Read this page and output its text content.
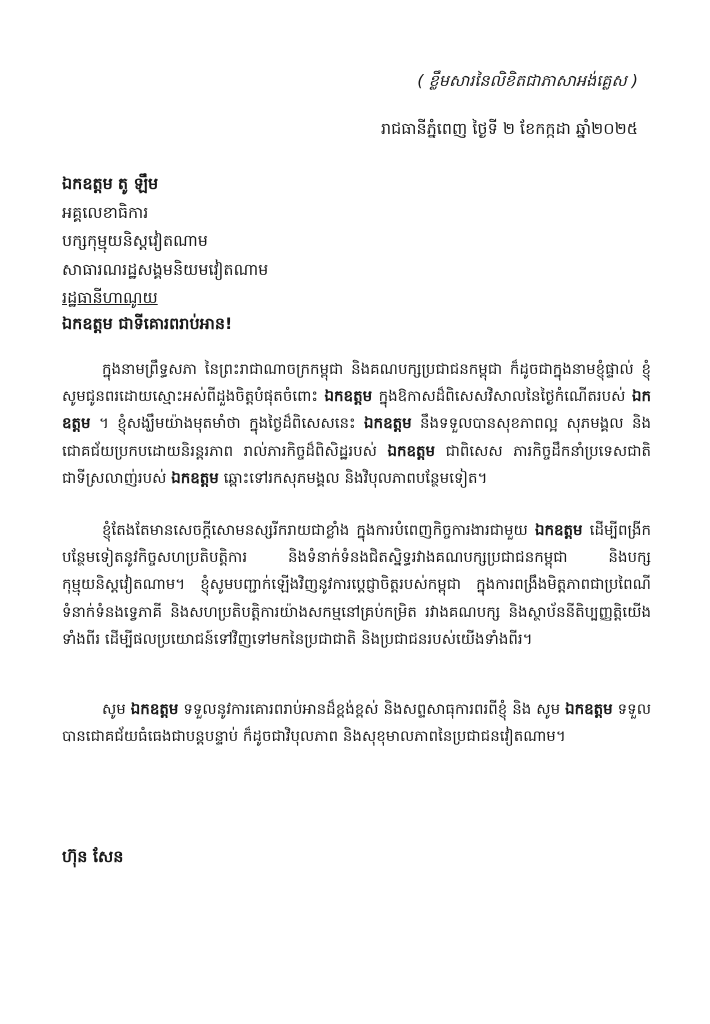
( ខ្លឹមសារនៃលិខិតជាភាសាអង់គ្លេស )
រាជធានីភ្នំពេញ ថ្ងៃទី ២ ខែកក្កដា ឆ្នាំ២០២៥
ឯកឧត្តម តូ ឡឹម
អគ្គលេខាធិការ
បក្សកុម្មុយនិស្តវៀតណាម
សាធារណរដ្ឋសង្គមនិយមវៀតណាម
រដ្ឋធានីហាណូយ
ឯកឧត្តម ជាទីគោរពរាប់អាន!

ក្នុងនាមព្រឹទ្ធសភា នៃព្រះរាជាណាចក្រកម្ពុជា និងគណបក្សប្រជាជនកម្ពុជា ក៏ដូចជាក្នុងនាមខ្ញុំផ្ទាល់ ខ្ញុំសូមជូនពរដោយស្មោះអស់ពីដួងចិត្តបំផុតចំពោះ ឯកឧត្តម ក្នុងឱកាសដ៏ពិសេសវិសាលនៃថ្ងៃកំណើតរបស់ ឯកឧត្តម ។ ខ្ញុំសង្ឃឹមយ៉ាងមុតមាំថា ក្នុងថ្ងៃដ៏ពិសេសនេះ ឯកឧត្តម នឹងទទួលបានសុខភាពល្អ សុភមង្គល និងជោគជ័យប្រកបដោយនិរន្តរភាព រាល់ភារកិច្ចដ៏ពិសិដ្ឋរបស់ ឯកឧត្តម ជាពិសេស ភារកិច្ចដឹកនាំប្រទេសជាតិជាទីស្រលាញ់របស់ ឯកឧត្តម ឆ្ពោះទៅរកសុភមង្គល និងវិបុលភាពបន្ថែមទៀត។

ខ្ញុំតែងតែមានសេចក្តីសោមនស្សរីករាយជាខ្លាំង ក្នុងការបំពេញកិច្ចការងារជាមួយ ឯកឧត្តម ដើម្បីពង្រីកបន្ថែមទៀតនូវកិច្ចសហប្រតិបត្តិការ និងទំនាក់ទំនងជិតស្និទ្ធរវាងគណបក្សប្រជាជនកម្ពុជា និងបក្សកុម្មុយនិស្តវៀតណាម។ ខ្ញុំសូមបញ្ជាក់ឡើងវិញនូវការប្តេជ្ញាចិត្តរបស់កម្ពុជា ក្នុងការពង្រឹងមិត្តភាពជាប្រពៃណី ទំនាក់ទំនងទ្វេភាគី និងសហប្រតិបត្តិការយ៉ាងសកម្មនៅគ្រប់កម្រិត រវាងគណបក្ស និងស្ថាប័ននីតិប្បញ្ញត្តិយើងទាំងពីរ ដើម្បីផលប្រយោជន៍ទៅវិញទៅមកនៃប្រជាជាតិ និងប្រជាជនរបស់យើងទាំងពីរ។

សូម ឯកឧត្តម ទទួលនូវការគោរពរាប់អានដ៏ខ្ពង់ខ្ពស់ និងសព្ទសាធុការពរពីខ្ញុំ និង សូម ឯកឧត្តម ទទួលបានជោគជ័យធំធេងជាបន្តបន្ទាប់ ក៏ដូចជាវិបុលភាព និងសុខុមាលភាពនៃប្រជាជនវៀតណាម។

ហ៊ុន សែន
